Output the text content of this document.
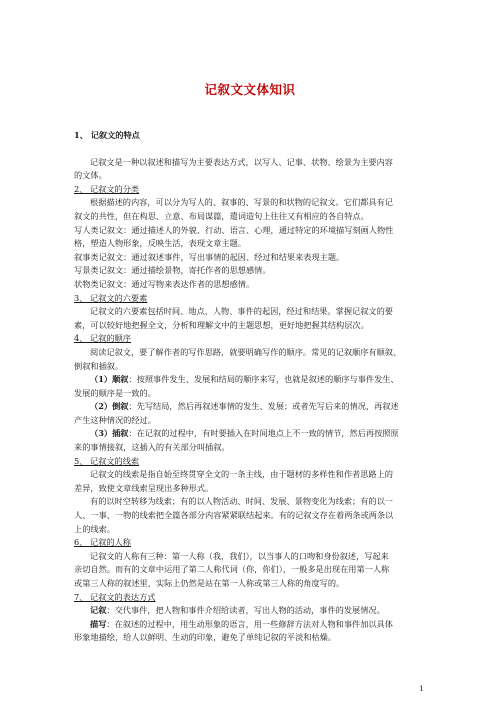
记叙文文体知识
1、 记叙文的特点
记叙文是一种以叙述和描写为主要表达方式，以写人、记事、状物、绘景为主要内容
的文体。
2、 记叙文的分类
根据描述的内容，可以分为写人的、叙事的、写景的和状物的记叙文。它们都具有记
叙文的共性，但在构思、立意、布局谋篇，遣词造句上往往又有相应的各自特点。
写人类记叙文：通过描述人的外貌、行动、语言、心理，通过特定的环境描写刻画人物性
格，塑造人物形象，反映生活，表现文章主题。
叙事类记叙文：通过叙述事件，写出事情的起因、经过和结果来表现主题。
写景类记叙文：通过描绘景物，寄托作者的思想感情。
状物类记叙文：通过写物来表达作者的思想感情。
3、 记叙文的六要素
记叙文的六要素包括时间、地点、人物、事件的起因，经过和结果。掌握记叙文的要
素，可以较好地把握全文，分析和理解文中的主题思想，更好地把握其结构层次。
4、 记叙的顺序
阅读记叙文，要了解作者的写作思路，就要明确写作的顺序。常见的记叙顺序有顺叙、
倒叙和插叙。
（1）顺叙：按照事件发生、发展和结局的顺序来写，也就是叙述的顺序与事件发生、
发展的顺序是一致的。
（2）倒叙：先写结局，然后再叙述事情的发生、发展；或者先写后来的情况，再叙述
产生这种情况的经过。
（3）插叙：在记叙的过程中，有时要插入在时间地点上不一致的情节，然后再按照原
来的事情接叙，这插入的有关部分叫插叙。
5、 记叙文的线索
记叙文的线索是指自始至终贯穿全文的一条主线，由于题材的多样性和作者思路上的
差异，致使文章线索呈现出多种形式。
有的以时空转移为线索；有的以人物活动、时间、发展、景物变化为线索；有的以一
人、一事、一物的线索把全篇各部分内容紧紧联结起来。有的记叙文存在着两条或两条以
上的线索。
6、 记叙的人称
记叙文的人称有三种：第一人称（我，我们），以当事人的口吻和身份叙述，写起来
亲切自然。而有的文章中运用了第二人称代词（你，你们），一般多是出现在用第一人称
或第三人称的叙述里，实际上仍然是站在第一人称或第三人称的角度写的。
7、 记叙文的表达方式
记叙：交代事件，把人物和事件介绍给读者，写出人物的活动，事件的发展情况。
描写：在叙述的过程中，用生动形象的语言，用一些修辞方法对人物和事件加以具体
形象地描绘，给人以鲜明、生动的印象，避免了单纯记叙的平淡和枯燥。
1
